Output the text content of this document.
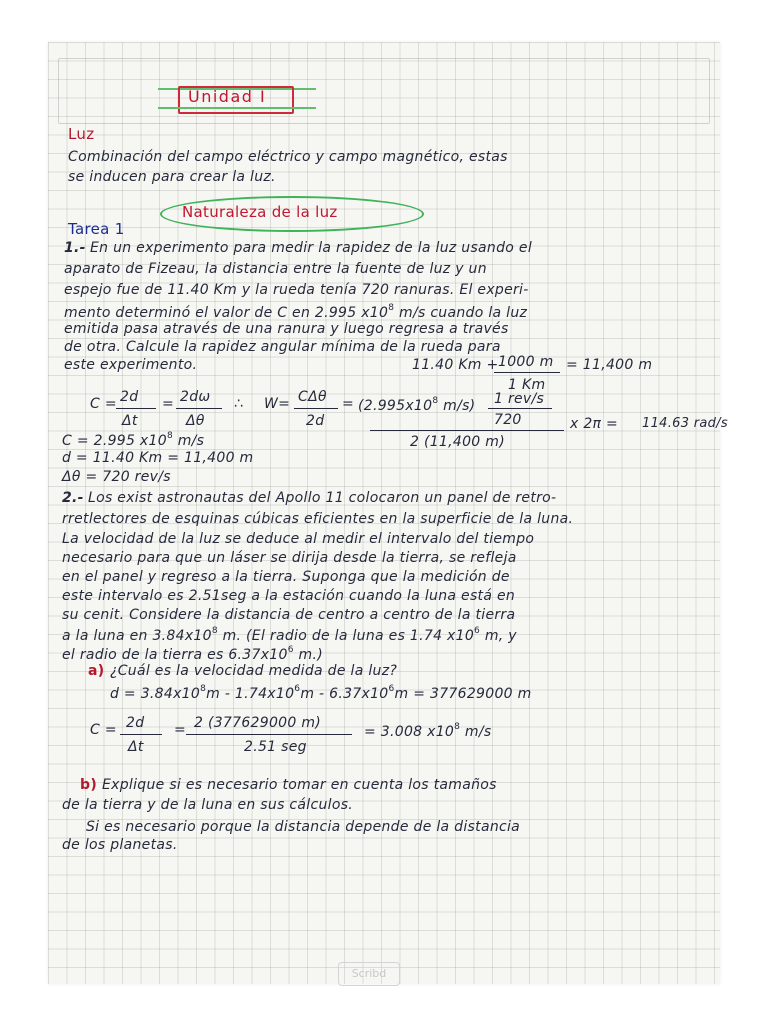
Unidad I
Luz
Combinación del campo eléctrico y campo magnético, estas
se inducen para crear la luz.
Naturaleza de la luz
Tarea 1
1.- En un experimento para medir la rapidez de la luz usando el
aparato de Fizeau, la distancia entre la fuente de luz y un
espejo fue de 11.40 Km y la rueda tenía 720 ranuras. El experi-
mento determinó el valor de C en 2.995 $x10^8$ m/s cuando la luz
emitida pasa através de una ranura y luego regresa a través
de otra. Calcule la rapidez angular mínima de la rueda para
este experimento.	11.40 Km + 1000 m
1 Km
= 11,400 m
C = 2d
Δt
= 2dω
Δθ
∴ W= CΔθ
2d
= ($2.995x10^8$ m/s) 1 rev/s
720	x 2π = 114.63 rad/s
2 (11,400 m)
C = 2.995 $x10^8$ m/s
d = 11.40 Km = 11,400 m
Δθ = 720 rev/s
2.- Los exist astronautas del Apollo 11 colocaron un panel de retro-
rretlectores de esquinas cúbicas eficientes en la superficie de la luna.
La velocidad de la luz se deduce al medir el intervalo del tiempo
necesario para que un láser se dirija desde la tierra, se refleja
en el panel y regreso a la tierra. Suponga que la medición de
este intervalo es 2.51seg a la estación cuando la luna está en
su cenit. Considere la distancia de centro a centro de la tierra
a la luna en $3.84x10^8$ m. (El radio de la luna es 1.74 $x10^6$ m, y
el radio de la tierra es $6.37x10^6$ m.)
a) ¿Cuál es la velocidad medida de la luz?
$d = 3.84x10^8m - 1.74x10^6m - 6.37x10^6m = 377629000$ m
C = 2d
Δt
= 2 (377629000 m)
2.51 seg
= 3.008 $x10^8$ m/s
b) Explique si es necesario tomar en cuenta los tamaños
de la tierra y de la luna en sus cálculos.
Si es necesario porque la distancia depende de la distancia
de los planetas.
Scribd
